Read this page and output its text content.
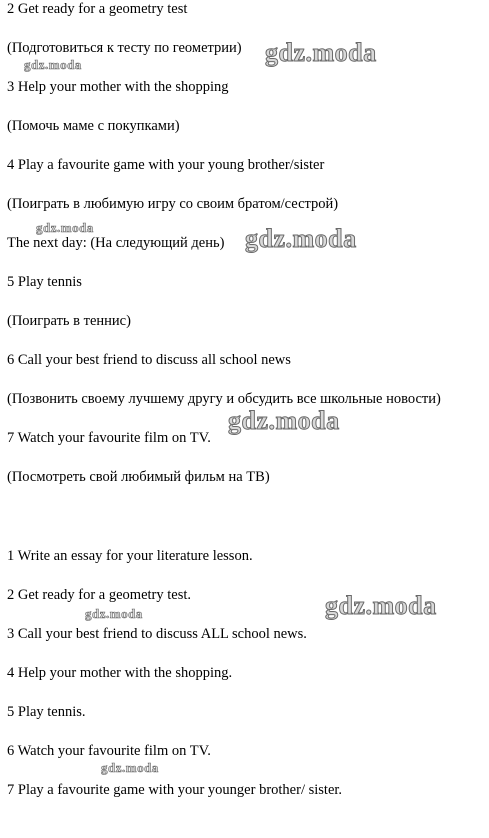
2 Get ready for a geometry test
(Подготовиться к тесту по геометрии)
3 Help your mother with the shopping
(Помочь маме с покупками)
4 Play a favourite game with your young brother/sister
(Поиграть в любимую игру со своим братом/сестрой)
The next day: (На следующий день)
5 Play tennis
(Поиграть в теннис)
6 Call your best friend to discuss all school news
(Позвонить своему лучшему другу и обсудить все школьные новости)
7 Watch your favourite film on TV.
(Посмотреть свой любимый фильм на ТВ)
1 Write an essay for your literature lesson.
2 Get ready for a geometry test.
3 Call your best friend to discuss ALL school news.
4 Help your mother with the shopping.
5 Play tennis.
6 Watch your favourite film on TV.
7 Play a favourite game with your younger brother/ sister.
gdz.moda
gdz.moda
gdz.moda	gdz.moda
gdz.moda
gdz.moda
gdz.moda
gdz.moda
